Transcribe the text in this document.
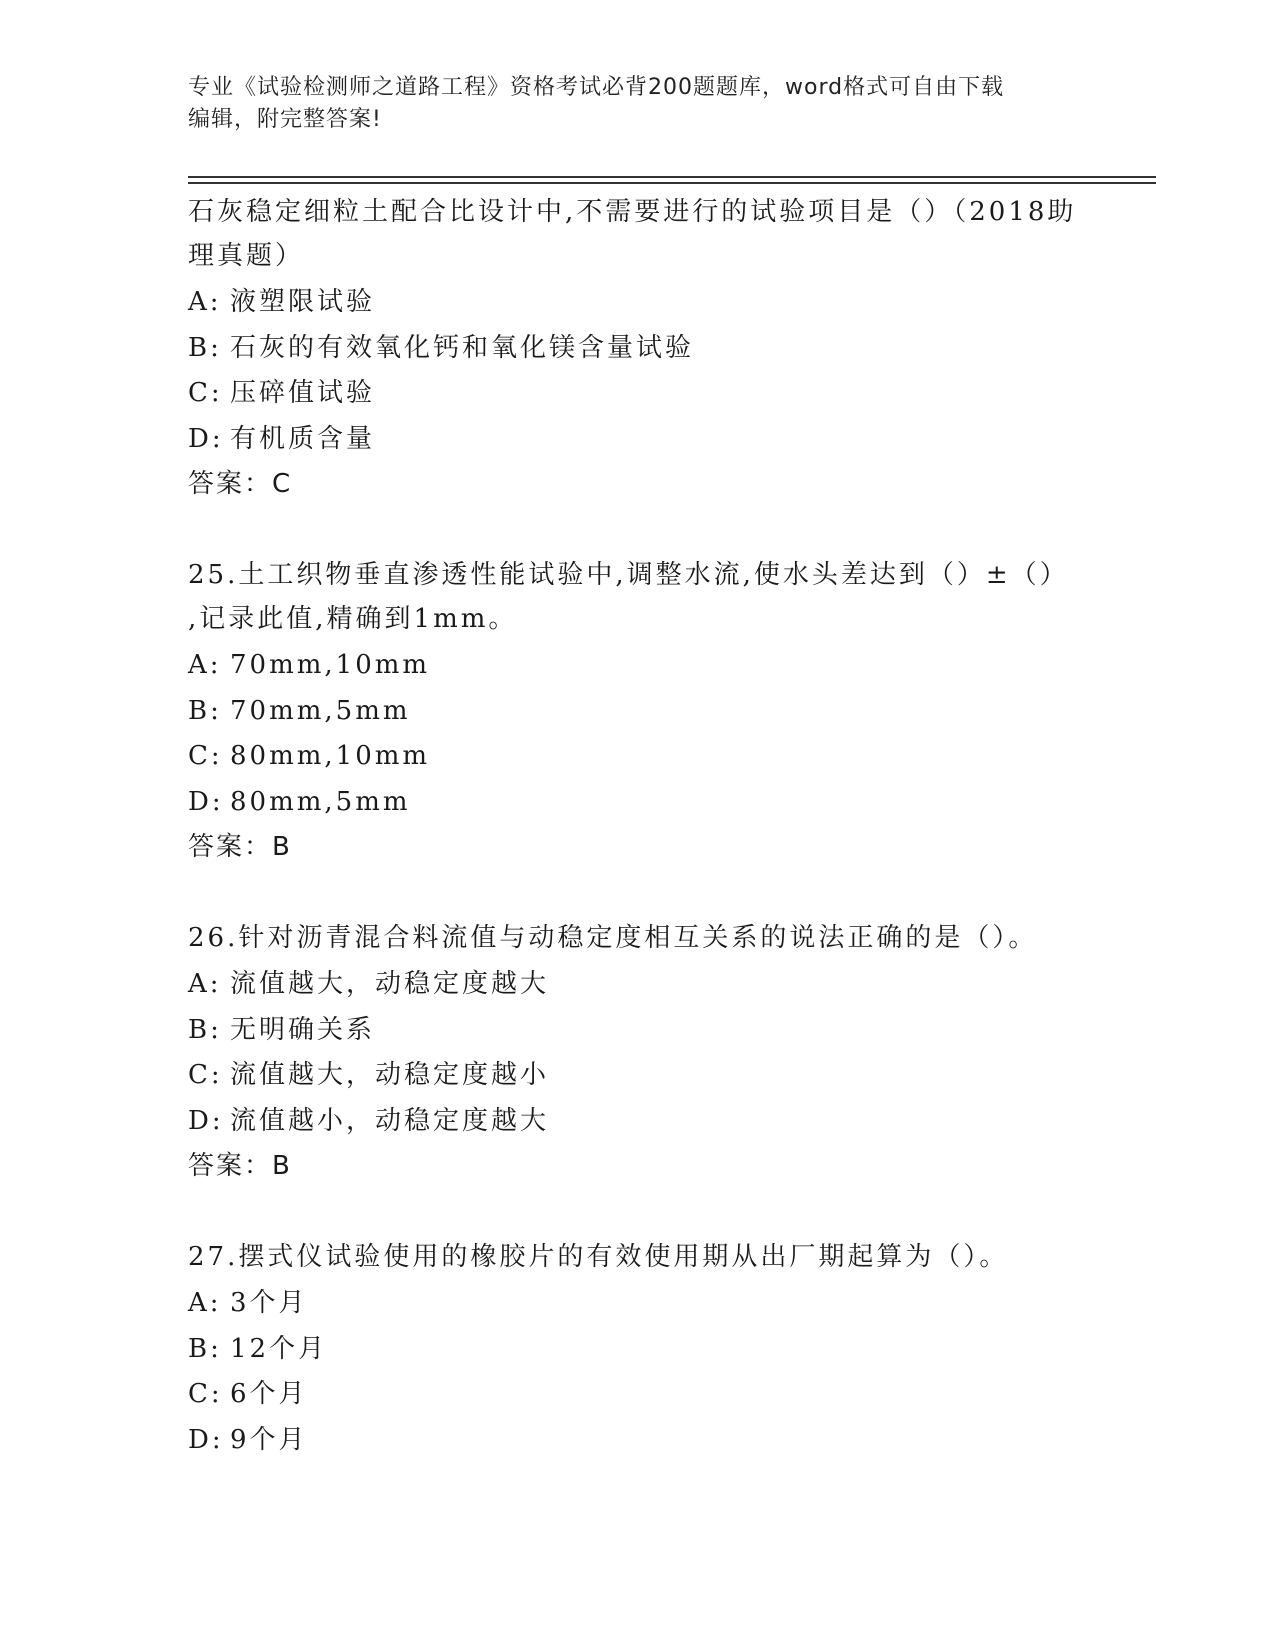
专业《试验检测师之道路工程》资格考试必背200题题库，word格式可自由下载
编辑，附完整答案!
石灰稳定细粒土配合比设计中,不需要进行的试验项目是（）（2018助
理真题）
A: 液塑限试验
B: 石灰的有效氧化钙和氧化镁含量试验
C: 压碎值试验
D: 有机质含量
答案：C
25.土工织物垂直渗透性能试验中,调整水流,使水头差达到（）±（）
,记录此值,精确到1mm。
A: 70mm,10mm
B: 70mm,5mm
C: 80mm,10mm
D: 80mm,5mm
答案：B
26.针对沥青混合料流值与动稳定度相互关系的说法正确的是（）。
A: 流值越大，动稳定度越大
B: 无明确关系
C: 流值越大，动稳定度越小
D: 流值越小，动稳定度越大
答案：B
27.摆式仪试验使用的橡胶片的有效使用期从出厂期起算为（）。
A: 3个月
B: 12个月
C: 6个月
D: 9个月
